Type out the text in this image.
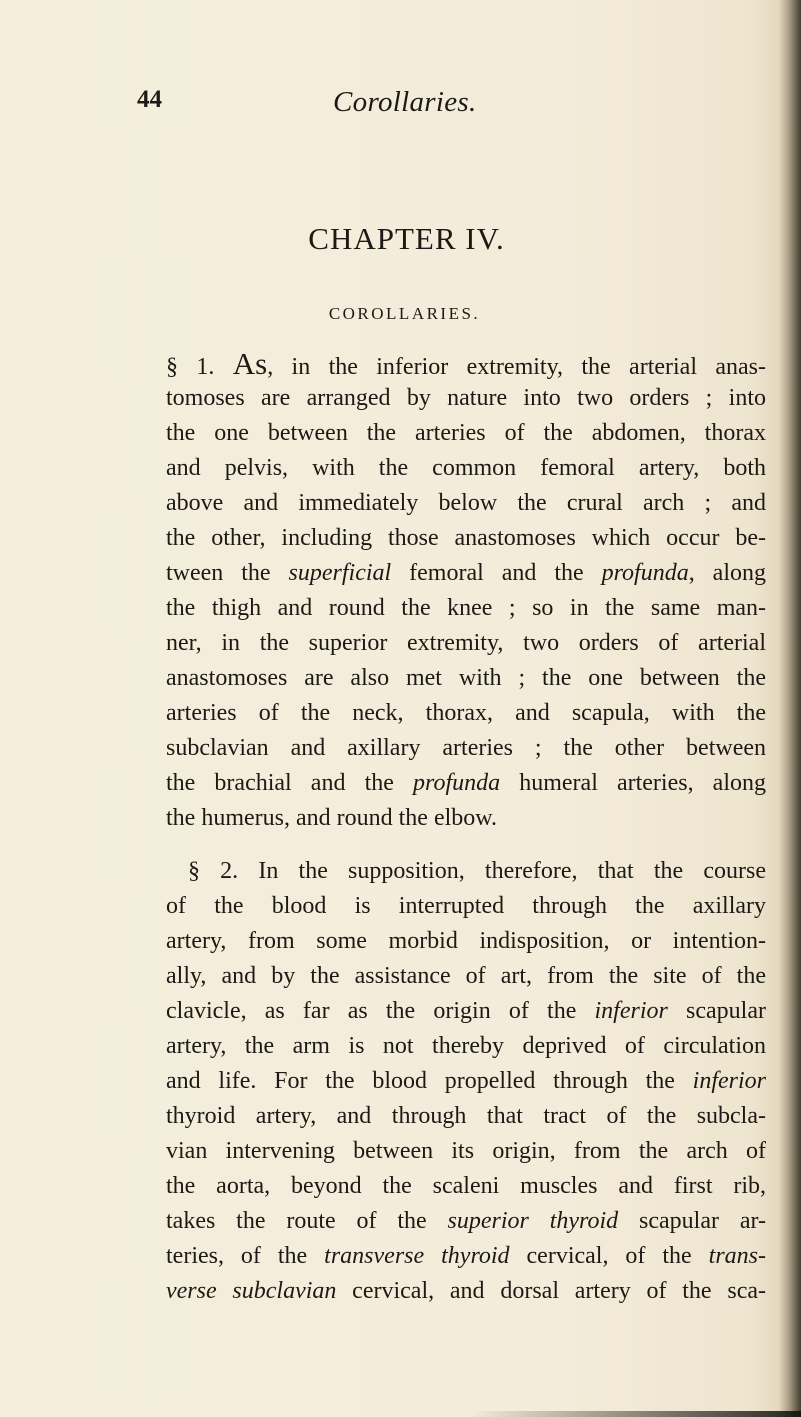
44	Corollaries.
CHAPTER IV.
COROLLARIES.
§ 1. As, in the inferior extremity, the arterial anas-
tomoses are arranged by nature into two orders ; into
the one between the arteries of the abdomen, thorax
and pelvis, with the common femoral artery, both
above and immediately below the crural arch ; and
the other, including those anastomoses which occur be-
tween the superficial femoral and the profunda, along
the thigh and round the knee ; so in the same man-
ner, in the superior extremity, two orders of arterial
anastomoses are also met with ; the one between the
arteries of the neck, thorax, and scapula, with the
subclavian and axillary arteries ; the other between
the brachial and the profunda humeral arteries, along
the humerus, and round the elbow.
§ 2. In the supposition, therefore, that the course
of the blood is interrupted through the axillary
artery, from some morbid indisposition, or intention-
ally, and by the assistance of art, from the site of the
clavicle, as far as the origin of the inferior scapular
artery, the arm is not thereby deprived of circulation
and life. For the blood propelled through the inferior
thyroid artery, and through that tract of the subcla-
vian intervening between its origin, from the arch of
the aorta, beyond the scaleni muscles and first rib,
takes the route of the superior thyroid scapular ar-
teries, of the transverse thyroid cervical, of the trans-
verse subclavian cervical, and dorsal artery of the sca-
